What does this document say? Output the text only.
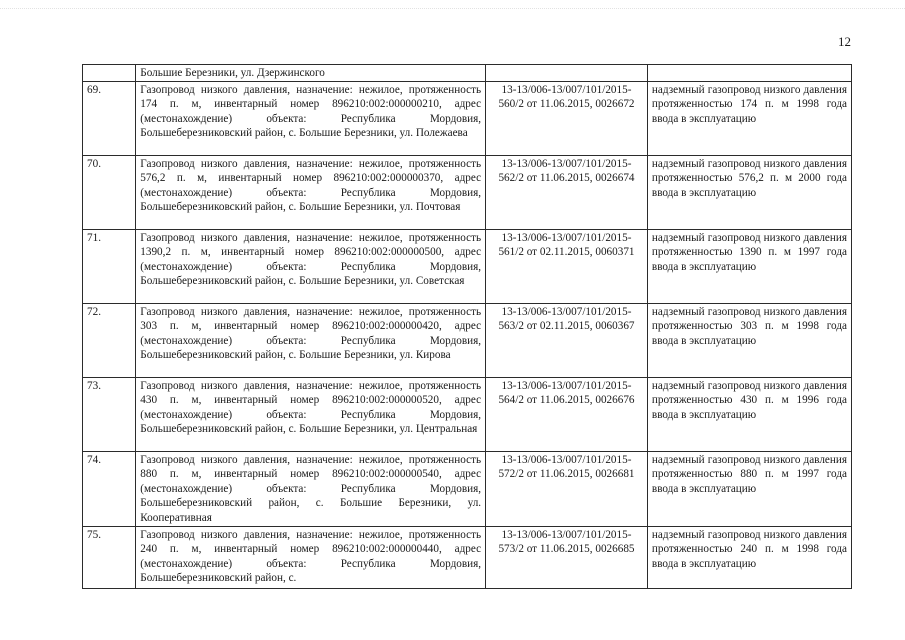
12
	Большие Березники, ул. Дзержинского		
69.	Газопровод низкого давления, назначение: нежилое, протяженность 174 п. м, инвентарный номер 896210:002:000000210, адрес (местонахождение) объекта: Республика Мордовия, Большеберезниковский район, с. Большие Березники, ул. Полежаева	13-13/006-13/007/101/2015-560/2 от 11.06.2015, 0026672	надземный газопровод низкого давления протяженностью 174 п. м 1998 года ввода в эксплуатацию
70.	Газопровод низкого давления, назначение: нежилое, протяженность 576,2 п. м, инвентарный номер 896210:002:000000370, адрес (местонахождение) объекта: Республика Мордовия, Большеберезниковский район, с. Большие Березники, ул. Почтовая	13-13/006-13/007/101/2015-562/2 от 11.06.2015, 0026674	надземный газопровод низкого давления протяженностью 576,2 п. м 2000 года ввода в эксплуатацию
71.	Газопровод низкого давления, назначение: нежилое, протяженность 1390,2 п. м, инвентарный номер 896210:002:000000500, адрес (местонахождение) объекта: Республика Мордовия, Большеберезниковский район, с. Большие Березники, ул. Советская	13-13/006-13/007/101/2015-561/2 от 02.11.2015, 0060371	надземный газопровод низкого давления протяженностью 1390 п. м 1997 года ввода в эксплуатацию
72.	Газопровод низкого давления, назначение: нежилое, протяженность 303 п. м, инвентарный номер 896210:002:000000420, адрес (местонахождение) объекта: Республика Мордовия, Большеберезниковский район, с. Большие Березники, ул. Кирова	13-13/006-13/007/101/2015-563/2 от 02.11.2015, 0060367	надземный газопровод низкого давления протяженностью 303 п. м 1998 года ввода в эксплуатацию
73.	Газопровод низкого давления, назначение: нежилое, протяженность 430 п. м, инвентарный номер 896210:002:000000520, адрес (местонахождение) объекта: Республика Мордовия, Большеберезниковский район, с. Большие Березники, ул. Центральная	13-13/006-13/007/101/2015-564/2 от 11.06.2015, 0026676	надземный газопровод низкого давления протяженностью 430 п. м 1996 года ввода в эксплуатацию
74.	Газопровод низкого давления, назначение: нежилое, протяженность 880 п. м, инвентарный номер 896210:002:000000540, адрес (местонахождение) объекта: Республика Мордовия, Большеберезниковский район, с. Большие Березники, ул. Кооперативная	13-13/006-13/007/101/2015-572/2 от 11.06.2015, 0026681	надземный газопровод низкого давления протяженностью 880 п. м 1997 года ввода в эксплуатацию
75.	Газопровод низкого давления, назначение: нежилое, протяженность 240 п. м, инвентарный номер 896210:002:000000440, адрес (местонахождение) объекта: Республика Мордовия, Большеберезниковский район, с.	13-13/006-13/007/101/2015-573/2 от 11.06.2015, 0026685	надземный газопровод низкого давления протяженностью 240 п. м 1998 года ввода в эксплуатацию
